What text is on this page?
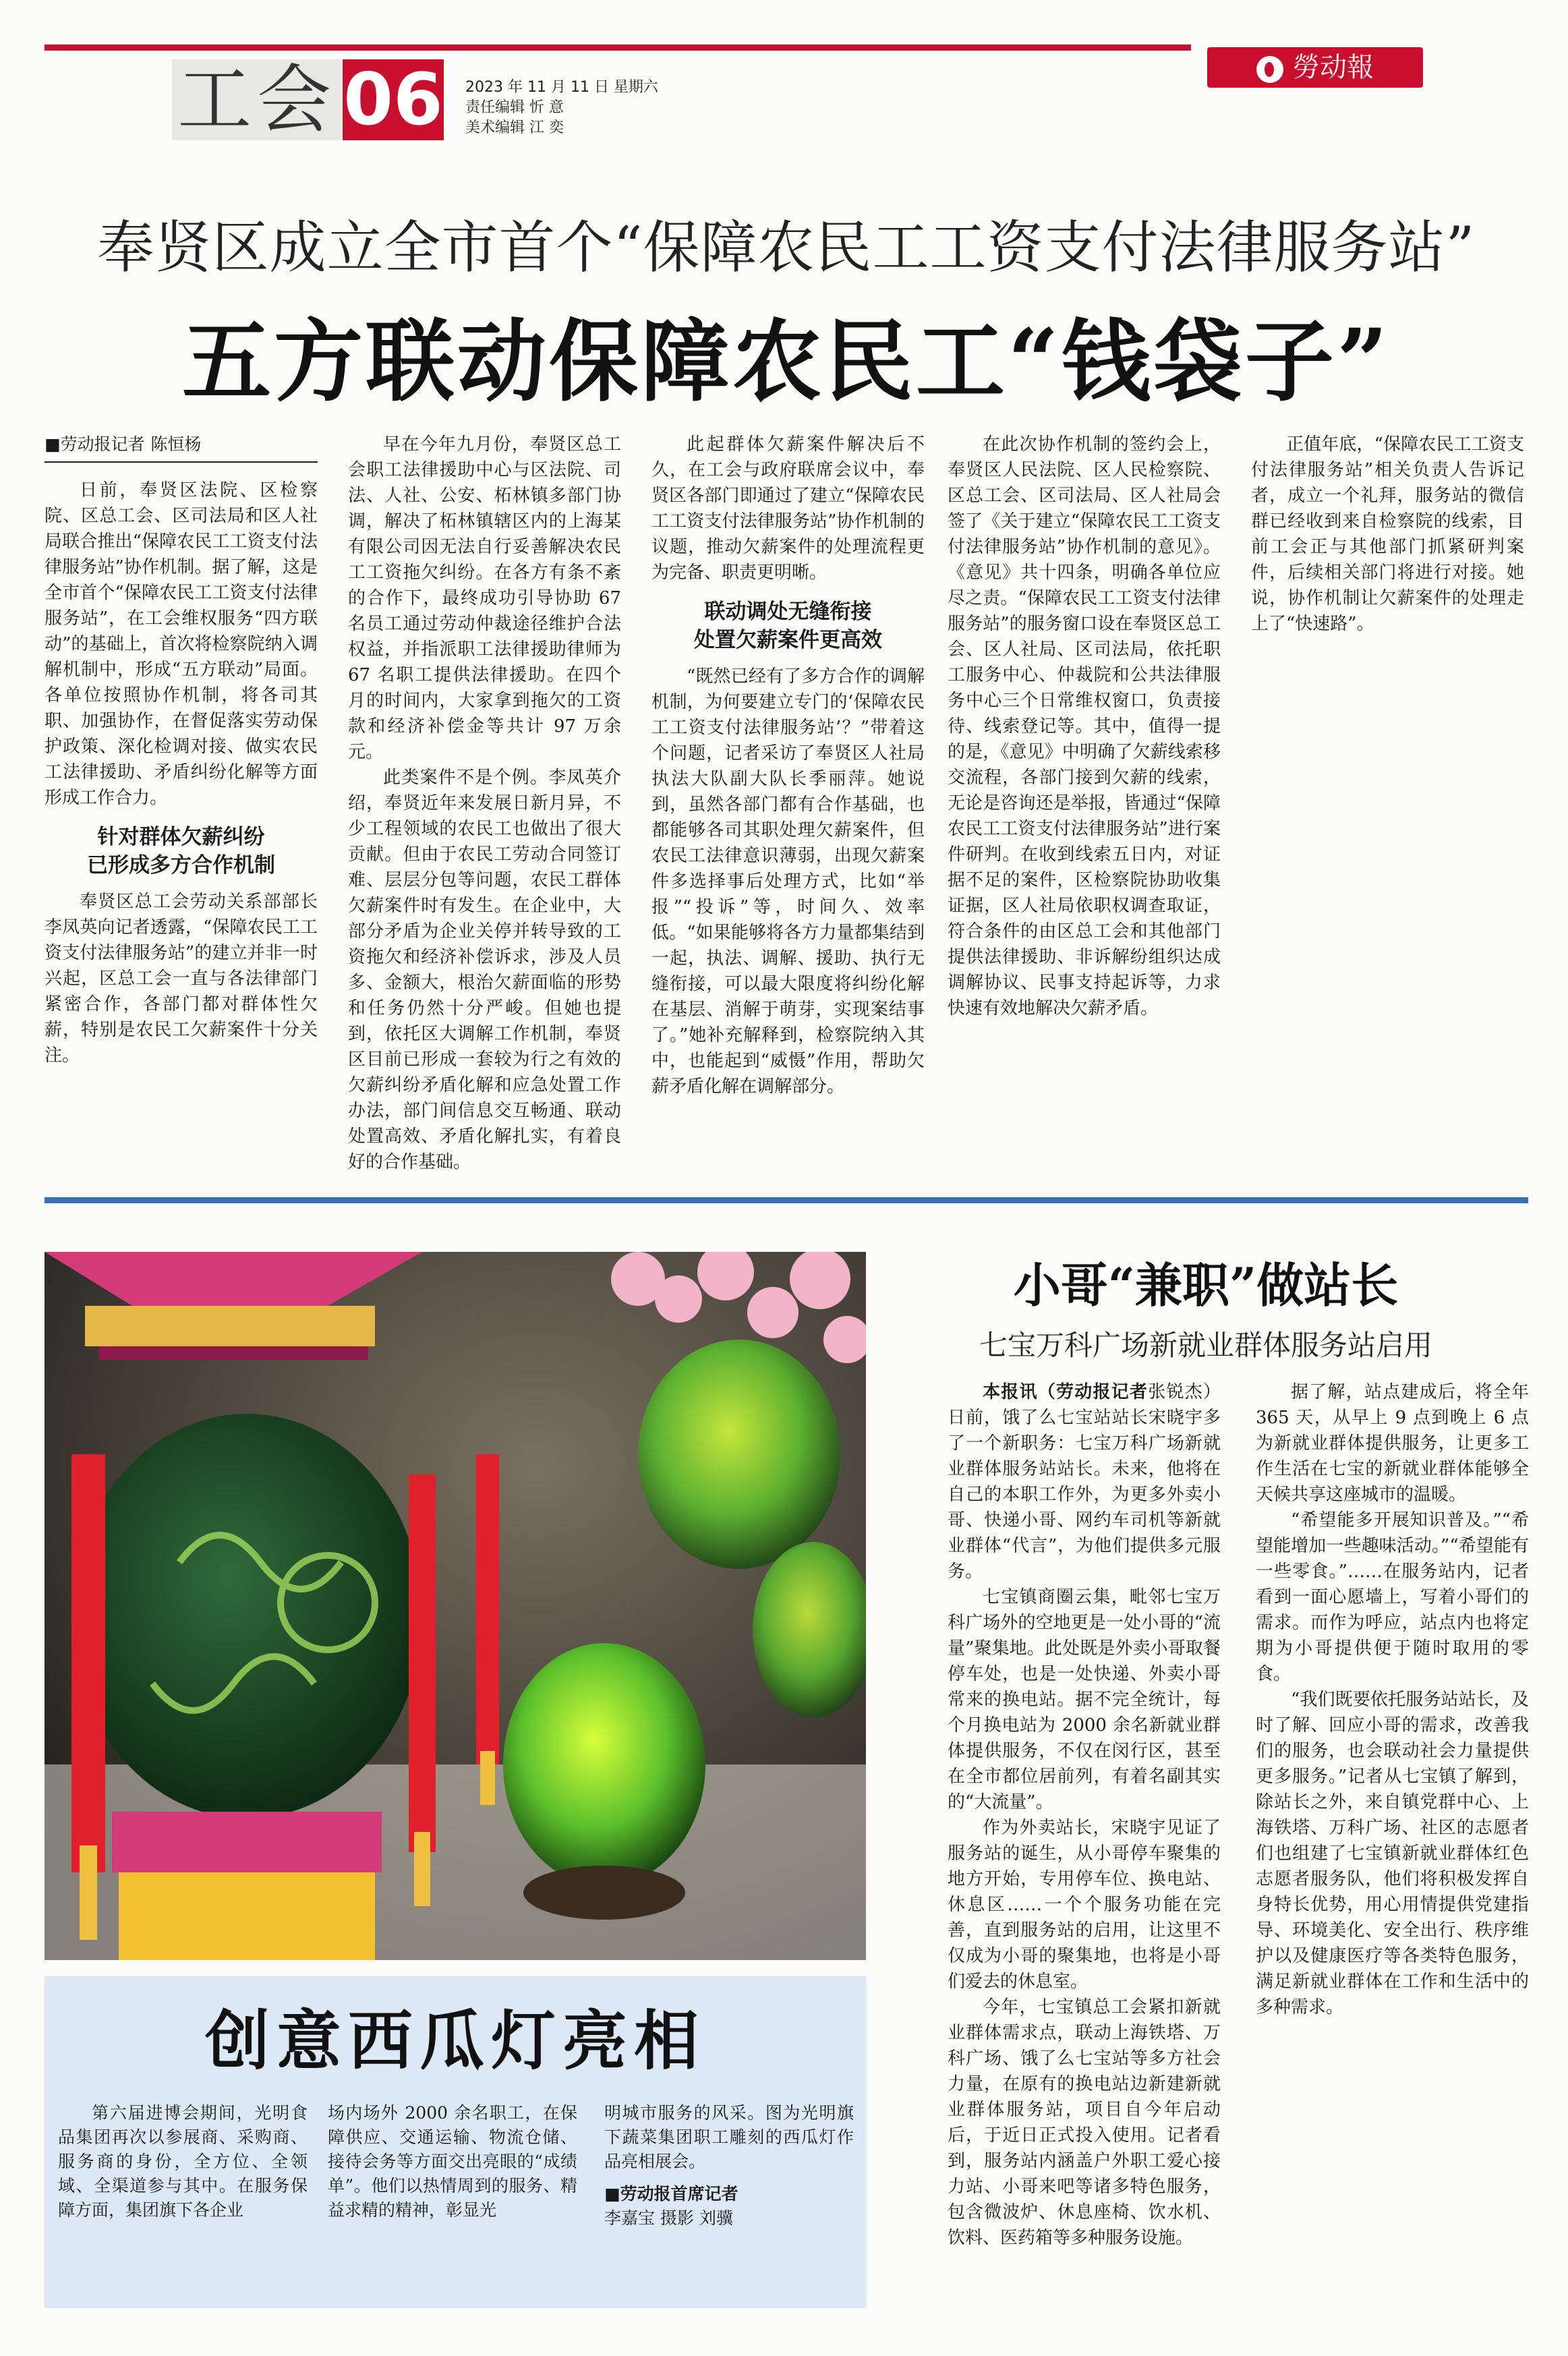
工会 06 2023 年 11 月 11 日 星期六
责任编辑 忻 意
美术编辑 江 奕
勞动報
奉贤区成立全市首个“保障农民工工资支付法律服务站”
五方联动保障农民工“钱袋子”

■劳动报记者 陈恒杨

日前，奉贤区法院、区检察院、区总工会、区司法局和区人社局联合推出“保障农民工工资支付法律服务站”协作机制。据了解，这是全市首个“保障农民工工资支付法律服务站”，在工会维权服务“四方联动”的基础上，首次将检察院纳入调解机制中，形成“五方联动”局面。各单位按照协作机制，将各司其职、加强协作，在督促落实劳动保护政策、深化检调对接、做实农民工法律援助、矛盾纠纷化解等方面形成工作合力。

针对群体欠薪纠纷
已形成多方合作机制

奉贤区总工会劳动关系部部长李凤英向记者透露，“保障农民工工资支付法律服务站”的建立并非一时兴起，区总工会一直与各法律部门紧密合作，各部门都对群体性欠薪，特别是农民工欠薪案件十分关注。

早在今年九月份，奉贤区总工会职工法律援助中心与区法院、司法、人社、公安、柘林镇多部门协调，解决了柘林镇辖区内的上海某有限公司因无法自行妥善解决农民工工资拖欠纠纷。在各方有条不紊的合作下，最终成功引导协助 67 名员工通过劳动仲裁途径维护合法权益，并指派职工法律援助律师为 67 名职工提供法律援助。在四个月的时间内，大家拿到拖欠的工资款和经济补偿金等共计 97 万余元。

此类案件不是个例。李凤英介绍，奉贤近年来发展日新月异，不少工程领域的农民工也做出了很大贡献。但由于农民工劳动合同签订难、层层分包等问题，农民工群体欠薪案件时有发生。在企业中，大部分矛盾为企业关停并转导致的工资拖欠和经济补偿诉求，涉及人员多、金额大，根治欠薪面临的形势和任务仍然十分严峻。但她也提到，依托区大调解工作机制，奉贤区目前已形成一套较为行之有效的欠薪纠纷矛盾化解和应急处置工作办法，部门间信息交互畅通、联动处置高效、矛盾化解扎实，有着良好的合作基础。

此起群体欠薪案件解决后不久，在工会与政府联席会议中，奉贤区各部门即通过了建立“保障农民工工资支付法律服务站”协作机制的议题，推动欠薪案件的处理流程更为完备、职责更明晰。

联动调处无缝衔接
处置欠薪案件更高效

“既然已经有了多方合作的调解机制，为何要建立专门的‘保障农民工工资支付法律服务站’？”带着这个问题，记者采访了奉贤区人社局执法大队副大队长季丽萍。她说到，虽然各部门都有合作基础，也都能够各司其职处理欠薪案件，但农民工法律意识薄弱，出现欠薪案件多选择事后处理方式，比如“举报”“投诉”等，时间久、效率低。“如果能够将各方力量都集结到一起，执法、调解、援助、执行无缝衔接，可以最大限度将纠纷化解在基层、消解于萌芽，实现案结事了。”她补充解释到，检察院纳入其中，也能起到“威慑”作用，帮助欠薪矛盾化解在调解部分。

在此次协作机制的签约会上，奉贤区人民法院、区人民检察院、区总工会、区司法局、区人社局会签了《关于建立“保障农民工工资支付法律服务站”协作机制的意见》。《意见》共十四条，明确各单位应尽之责。“保障农民工工资支付法律服务站”的服务窗口设在奉贤区总工会、区人社局、区司法局，依托职工服务中心、仲裁院和公共法律服务中心三个日常维权窗口，负责接待、线索登记等。其中，值得一提的是，《意见》中明确了欠薪线索移交流程，各部门接到欠薪的线索，无论是咨询还是举报，皆通过“保障农民工工资支付法律服务站”进行案件研判。在收到线索五日内，对证据不足的案件，区检察院协助收集证据，区人社局依职权调查取证，符合条件的由区总工会和其他部门提供法律援助、非诉解纷组织达成调解协议、民事支持起诉等，力求快速有效地解决欠薪矛盾。

正值年底，“保障农民工工资支付法律服务站”相关负责人告诉记者，成立一个礼拜，服务站的微信群已经收到来自检察院的线索，目前工会正与其他部门抓紧研判案件，后续相关部门将进行对接。她说，协作机制让欠薪案件的处理走上了“快速路”。

创意西瓜灯亮相

第六届进博会期间，光明食品集团再次以参展商、采购商、服务商的身份，全方位、全领域、全渠道参与其中。在服务保障方面，集团旗下各企业

场内场外 2000 余名职工，在保障供应、交通运输、物流仓储、接待会务等方面交出亮眼的“成绩单”。他们以热情周到的服务、精益求精的精神，彰显光

明城市服务的风采。图为光明旗下蔬菜集团职工雕刻的西瓜灯作品亮相展会。

■劳动报首席记者
李嘉宝 摄影 刘骥

小哥“兼职”做站长
七宝万科广场新就业群体服务站启用

本报讯（劳动报记者张锐杰）日前，饿了么七宝站站长宋晓宇多了一个新职务：七宝万科广场新就业群体服务站站长。未来，他将在自己的本职工作外，为更多外卖小哥、快递小哥、网约车司机等新就业群体“代言”，为他们提供多元服务。

七宝镇商圈云集，毗邻七宝万科广场外的空地更是一处小哥的“流量”聚集地。此处既是外卖小哥取餐停车处，也是一处快递、外卖小哥常来的换电站。据不完全统计，每个月换电站为 2000 余名新就业群体提供服务，不仅在闵行区，甚至在全市都位居前列，有着名副其实的“大流量”。

作为外卖站长，宋晓宇见证了服务站的诞生，从小哥停车聚集的地方开始，专用停车位、换电站、休息区……一个个服务功能在完善，直到服务站的启用，让这里不仅成为小哥的聚集地，也将是小哥们爱去的休息室。

今年，七宝镇总工会紧扣新就业群体需求点，联动上海铁塔、万科广场、饿了么七宝站等多方社会力量，在原有的换电站边新建新就业群体服务站，项目自今年启动后，于近日正式投入使用。记者看到，服务站内涵盖户外职工爱心接力站、小哥来吧等诸多特色服务，包含微波炉、休息座椅、饮水机、饮料、医药箱等多种服务设施。

据了解，站点建成后，将全年 365 天，从早上 9 点到晚上 6 点为新就业群体提供服务，让更多工作生活在七宝的新就业群体能够全天候共享这座城市的温暖。

“希望能多开展知识普及。”“希望能增加一些趣味活动。”“希望能有一些零食。”……在服务站内，记者看到一面心愿墙上，写着小哥们的需求。而作为呼应，站点内也将定期为小哥提供便于随时取用的零食。

“我们既要依托服务站站长，及时了解、回应小哥的需求，改善我们的服务，也会联动社会力量提供更多服务。”记者从七宝镇了解到，除站长之外，来自镇党群中心、上海铁塔、万科广场、社区的志愿者们也组建了七宝镇新就业群体红色志愿者服务队，他们将积极发挥自身特长优势，用心用情提供党建指导、环境美化、安全出行、秩序维护以及健康医疗等各类特色服务，满足新就业群体在工作和生活中的多种需求。
